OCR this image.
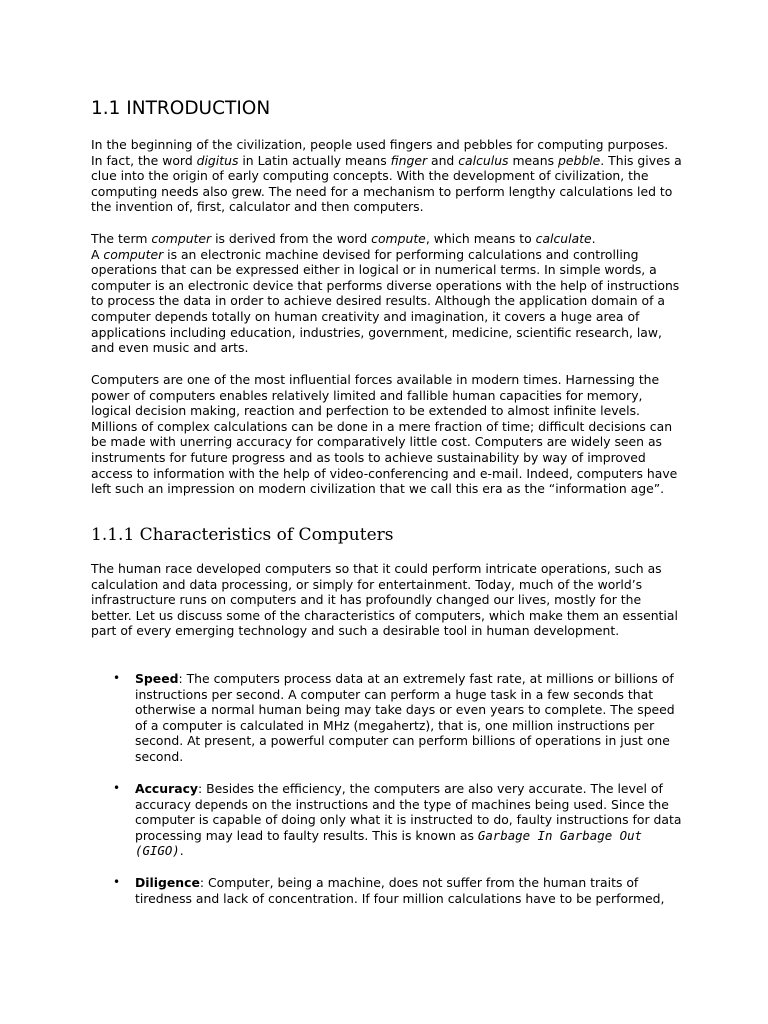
1.1 INTRODUCTION

In the beginning of the civilization, people used fingers and pebbles for computing purposes. In fact, the word digitus in Latin actually means finger and calculus means pebble. This gives a clue into the origin of early computing concepts. With the development of civilization, the computing needs also grew. The need for a mechanism to perform lengthy calculations led to the invention of, first, calculator and then computers.

The term computer is derived from the word compute, which means to calculate.
A computer is an electronic machine devised for performing calculations and controlling operations that can be expressed either in logical or in numerical terms. In simple words, a computer is an electronic device that performs diverse operations with the help of instructions to process the data in order to achieve desired results. Although the application domain of a computer depends totally on human creativity and imagination, it covers a huge area of applications including education, industries, government, medicine, scientific research, law, and even music and arts.

Computers are one of the most influential forces available in modern times. Harnessing the power of computers enables relatively limited and fallible human capacities for memory, logical decision making, reaction and perfection to be extended to almost infinite levels. Millions of complex calculations can be done in a mere fraction of time; difficult decisions can be made with unerring accuracy for comparatively little cost. Computers are widely seen as instruments for future progress and as tools to achieve sustainability by way of improved access to information with the help of video-conferencing and e-mail. Indeed, computers have left such an impression on modern civilization that we call this era as the “information age”.

1.1.1 Characteristics of Computers

The human race developed computers so that it could perform intricate operations, such as calculation and data processing, or simply for entertainment. Today, much of the world’s infrastructure runs on computers and it has profoundly changed our lives, mostly for the better. Let us discuss some of the characteristics of computers, which make them an essential part of every emerging technology and such a desirable tool in human development.

• Speed: The computers process data at an extremely fast rate, at millions or billions of instructions per second. A computer can perform a huge task in a few seconds that otherwise a normal human being may take days or even years to complete. The speed of a computer is calculated in MHz (megahertz), that is, one million instructions per second. At present, a powerful computer can perform billions of operations in just one second.
• Accuracy: Besides the efficiency, the computers are also very accurate. The level of accuracy depends on the instructions and the type of machines being used. Since the computer is capable of doing only what it is instructed to do, faulty instructions for data processing may lead to faulty results. This is known as Garbage In Garbage Out (GIGO).
• Diligence: Computer, being a machine, does not suffer from the human traits of tiredness and lack of concentration. If four million calculations have to be performed,
